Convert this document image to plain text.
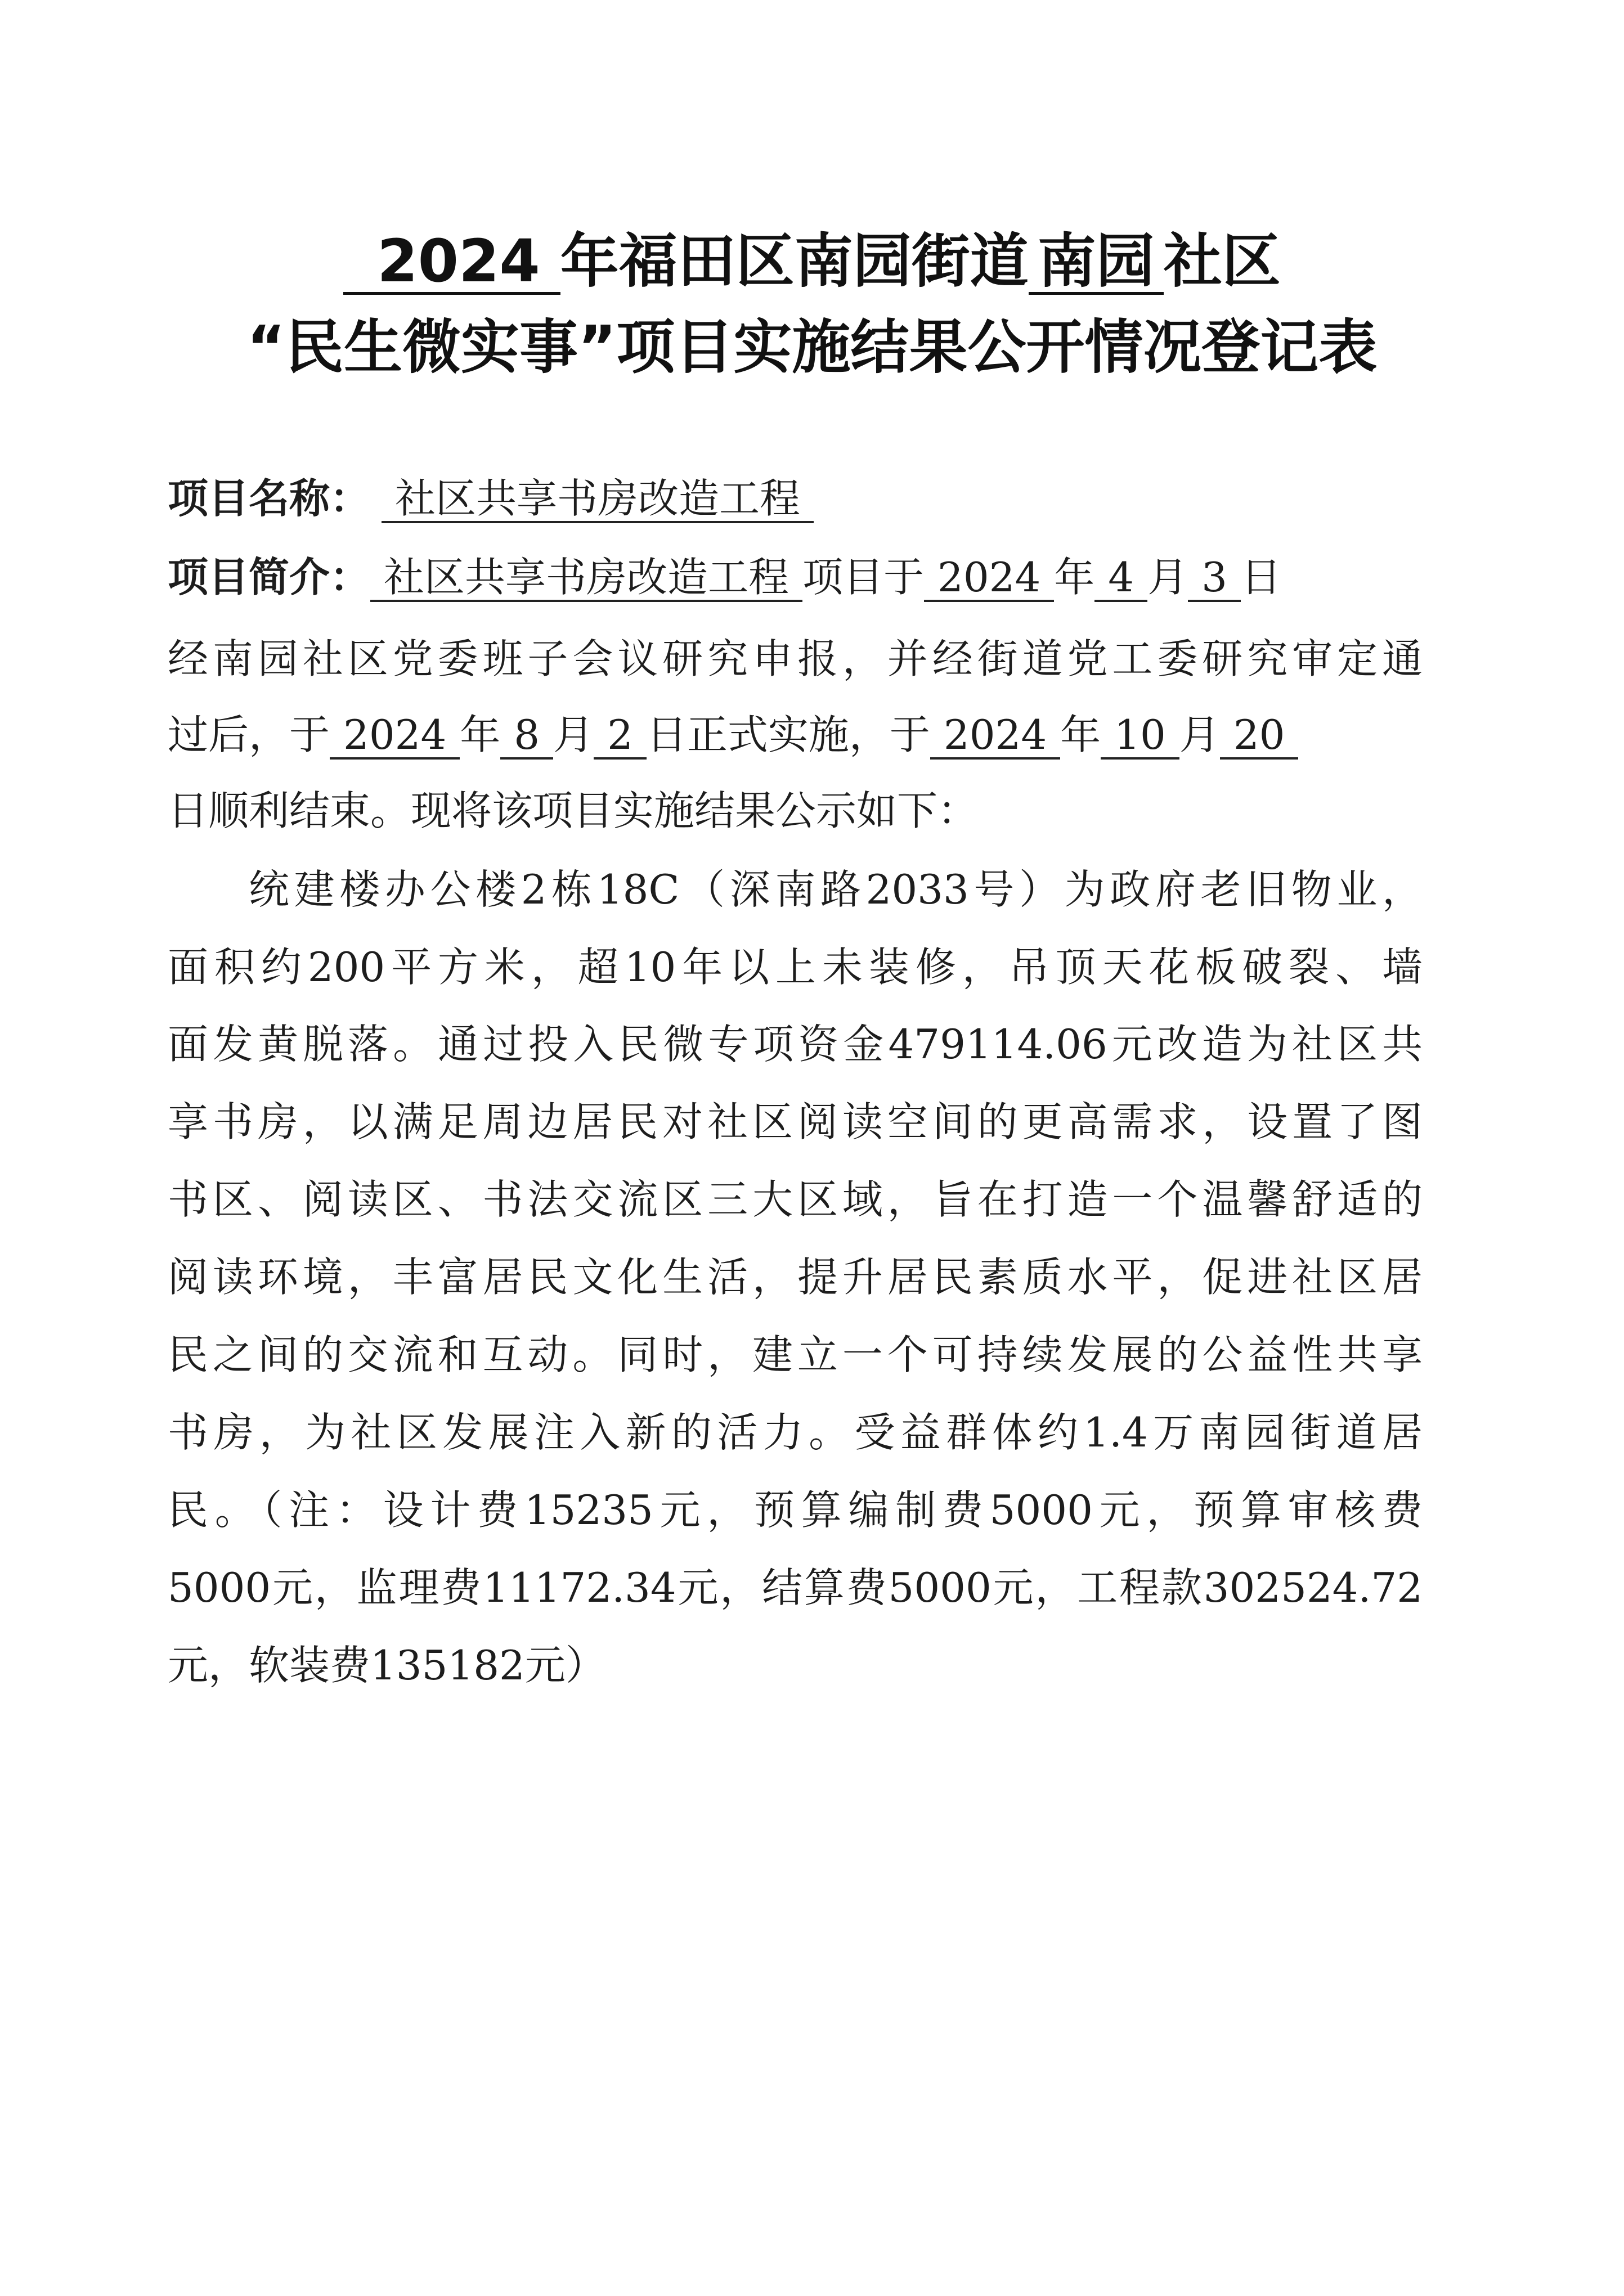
2024 年福田区南园街道 南园 社区
“民生微实事”项目实施结果公开情况登记表
项目名称： 社区共享书房改造工程
项目简介： 社区共享书房改造工程 项目于 2024 年 4 月 3 日
经南园社区党委班子会议研究申报，并经街道党工委研究审定通
过后，于 2024 年 8 月 2 日正式实施，于 2024 年 10 月 20
日顺利结束。现将该项目实施结果公示如下：
统建楼办公楼2栋18C（深南路2033号）为政府老旧物业，
面积约200平方米，超10年以上未装修，吊顶天花板破裂、墙
面发黄脱落。通过投入民微专项资金479114.06元改造为社区共
享书房，以满足周边居民对社区阅读空间的更高需求，设置了图
书区、阅读区、书法交流区三大区域，旨在打造一个温馨舒适的
阅读环境，丰富居民文化生活，提升居民素质水平，促进社区居
民之间的交流和互动。同时，建立一个可持续发展的公益性共享
书房，为社区发展注入新的活力。受益群体约1.4万南园街道居
民。（注：设计费15235元，预算编制费5000元，预算审核费
5000元，监理费11172.34元，结算费5000元，工程款302524.72
元，软装费135182元）
